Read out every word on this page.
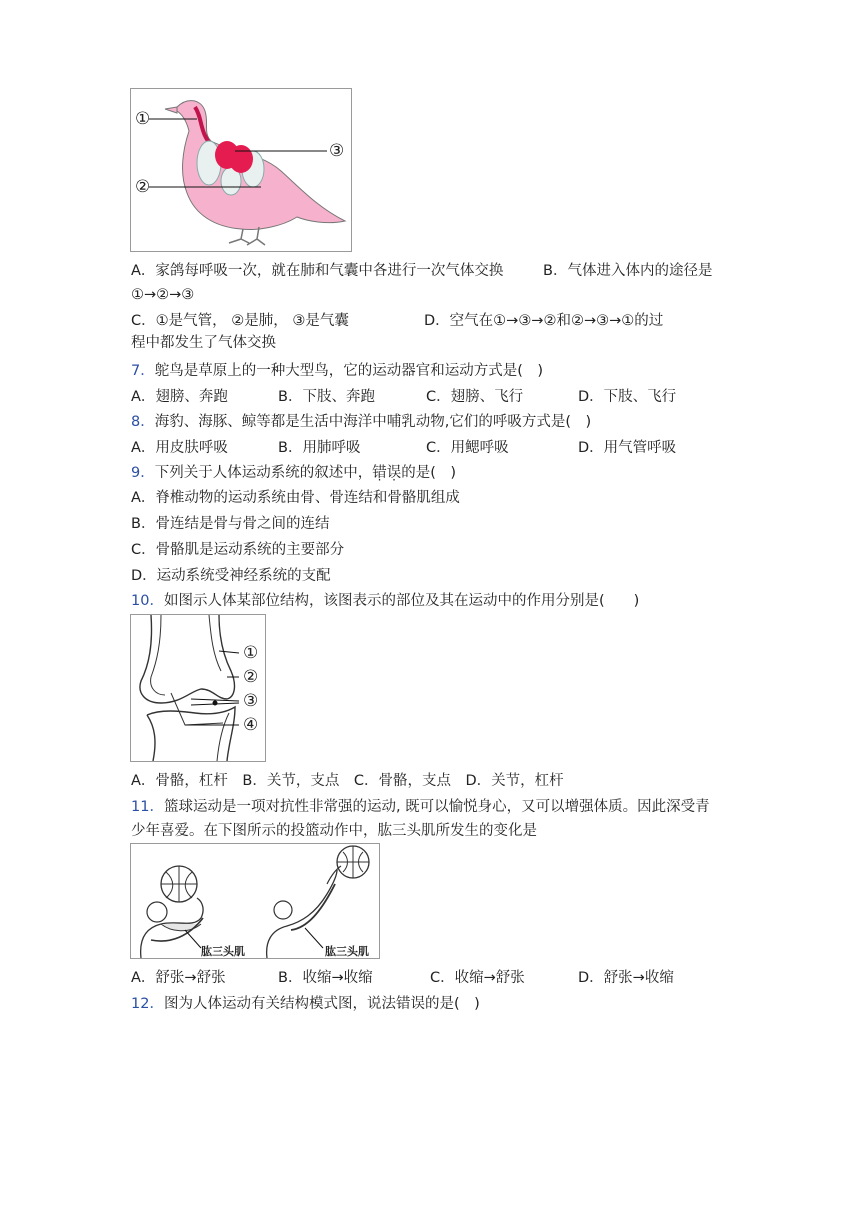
①
③
②
A．家鸽每呼吸一次，就在肺和气囊中各进行一次气体交换	B．气体进入体内的途径是
①→②→③
C．①是气管， ②是肺， ③是气囊	D．空气在①→③→②和②→③→①的过
程中都发生了气体交换
7．鸵鸟是草原上的一种大型鸟，它的运动器官和运动方式是(　)
A．翅膀、奔跑	B．下肢、奔跑	C．翅膀、飞行	D．下肢、飞行
8．海豹、海豚、鲸等都是生活中海洋中哺乳动物,它们的呼吸方式是(　)
A．用皮肤呼吸	B．用肺呼吸	C．用鳃呼吸	D．用气管呼吸
9．下列关于人体运动系统的叙述中，错误的是(　)
A．脊椎动物的运动系统由骨、骨连结和骨骼肌组成
B．骨连结是骨与骨之间的连结
C．骨骼肌是运动系统的主要部分
D．运动系统受神经系统的支配
10．如图示人体某部位结构，该图表示的部位及其在运动中的作用分别是(　　)
①
②
③
④
A．骨骼，杠杆　B．关节，支点　C．骨骼，支点　D．关节，杠杆
11．篮球运动是一项对抗性非常强的运动, 既可以愉悦身心，又可以增强体质。因此深受青
少年喜爱。在下图所示的投篮动作中，肱三头肌所发生的变化是
肱三头肌	肱三头肌
A．舒张→舒张	B．收缩→收缩	C．收缩→舒张	D．舒张→收缩
12．图为人体运动有关结构模式图，说法错误的是(　)
